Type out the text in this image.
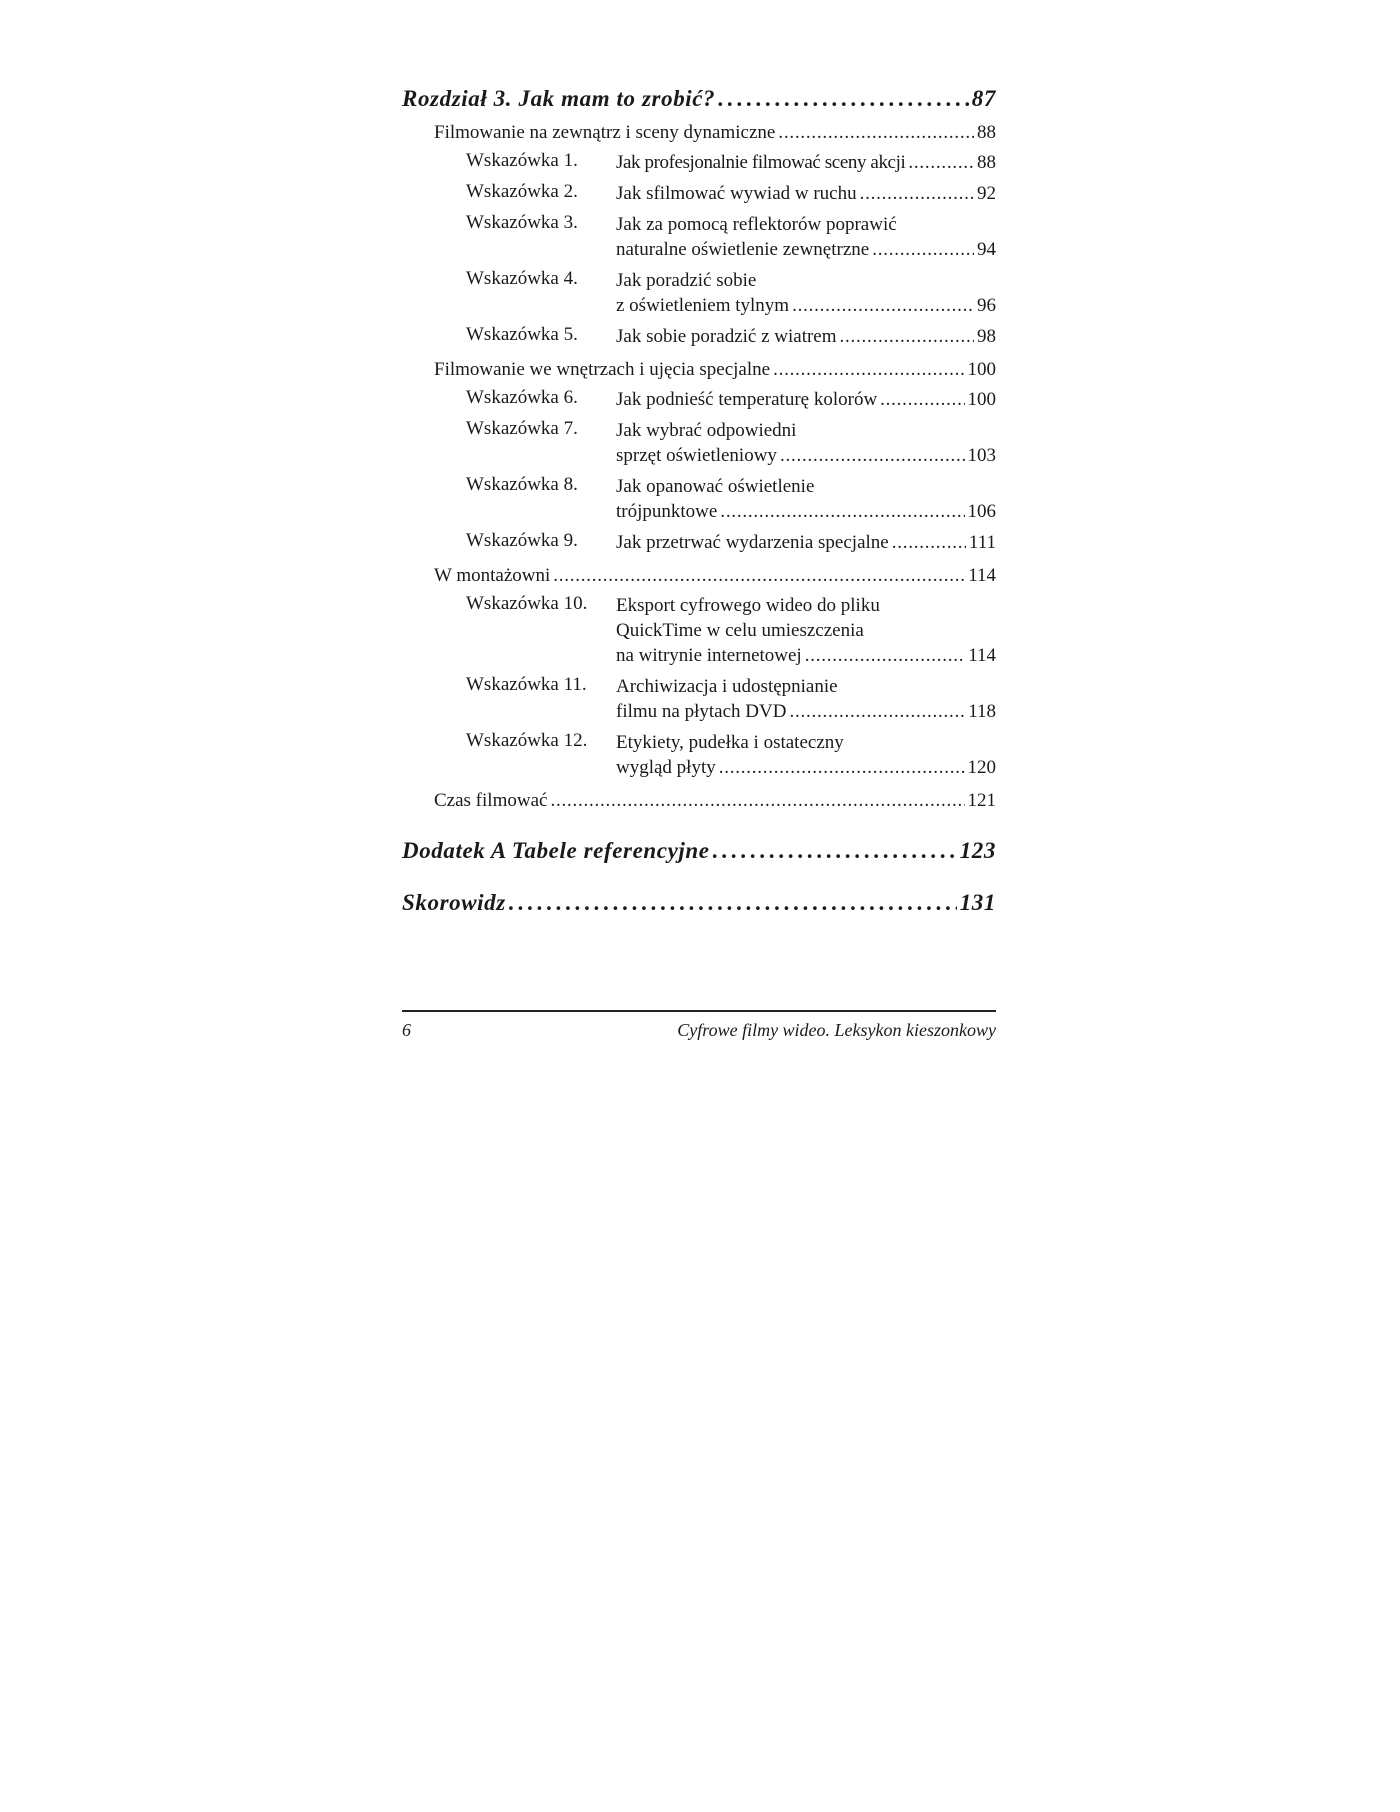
Rozdział 3. Jak mam to zrobić? . . .	87
Filmowanie na zewnątrz i sceny dynamiczne . . .	88
Wskazówka 1.	Jak profesjonalnie filmować sceny akcji . . .	88
Wskazówka 2.	Jak sfilmować wywiad w ruchu . . .	92
Wskazówka 3.	Jak za pomocą reflektorów poprawić
naturalne oświetlenie zewnętrzne . . .	94
Wskazówka 4.	Jak poradzić sobie
z oświetleniem tylnym . . .	96
Wskazówka 5.	Jak sobie poradzić z wiatrem . . .	98
Filmowanie we wnętrzach i ujęcia specjalne . . .	100
Wskazówka 6.	Jak podnieść temperaturę kolorów . . .	100
Wskazówka 7.	Jak wybrać odpowiedni
sprzęt oświetleniowy . . .	103
Wskazówka 8.	Jak opanować oświetlenie
trójpunktowe . . .	106
Wskazówka 9.	Jak przetrwać wydarzenia specjalne . . .	111
W montażowni . . .	114
Wskazówka 10.	Eksport cyfrowego wideo do pliku
QuickTime w celu umieszczenia
na witrynie internetowej . . .	114
Wskazówka 11.	Archiwizacja i udostępnianie
filmu na płytach DVD . . .	118
Wskazówka 12.	Etykiety, pudełka i ostateczny
wygląd płyty . . .	120
Czas filmować . . .	121
Dodatek A Tabele referencyjne . . .	123
Skorowidz . . .	131
6	Cyfrowe filmy wideo. Leksykon kieszonkowy
